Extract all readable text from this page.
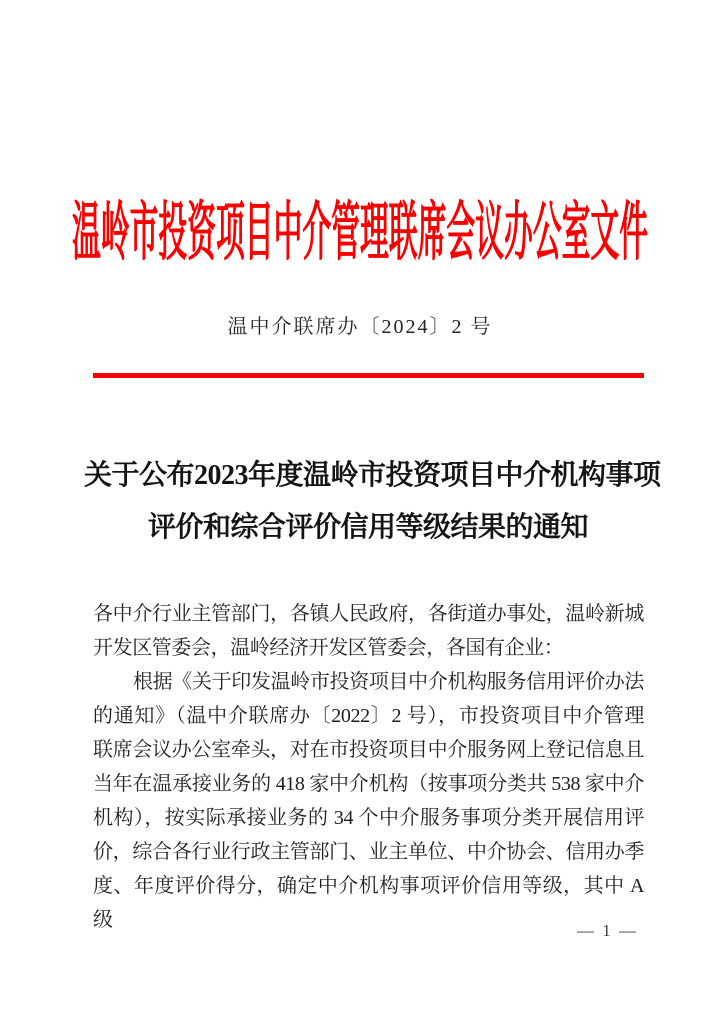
温岭市投资项目中介管理联席会议办公室文件
温中介联席办〔2024〕2 号
关于公布2023年度温岭市投资项目中介机构事项
评价和综合评价信用等级结果的通知
各中介行业主管部门，各镇人民政府，各街道办事处，温岭新城
开发区管委会，温岭经济开发区管委会，各国有企业：
根据《关于印发温岭市投资项目中介机构服务信用评价办法
的通知》（温中介联席办〔2022〕2 号），市投资项目中介管理
联席会议办公室牵头，对在市投资项目中介服务网上登记信息且
当年在温承接业务的 418 家中介机构（按事项分类共 538 家中介
机构），按实际承接业务的 34 个中介服务事项分类开展信用评
价，综合各行业行政主管部门、业主单位、中介协会、信用办季
度、年度评价得分，确定中介机构事项评价信用等级，其中 A 级	— 1 —
